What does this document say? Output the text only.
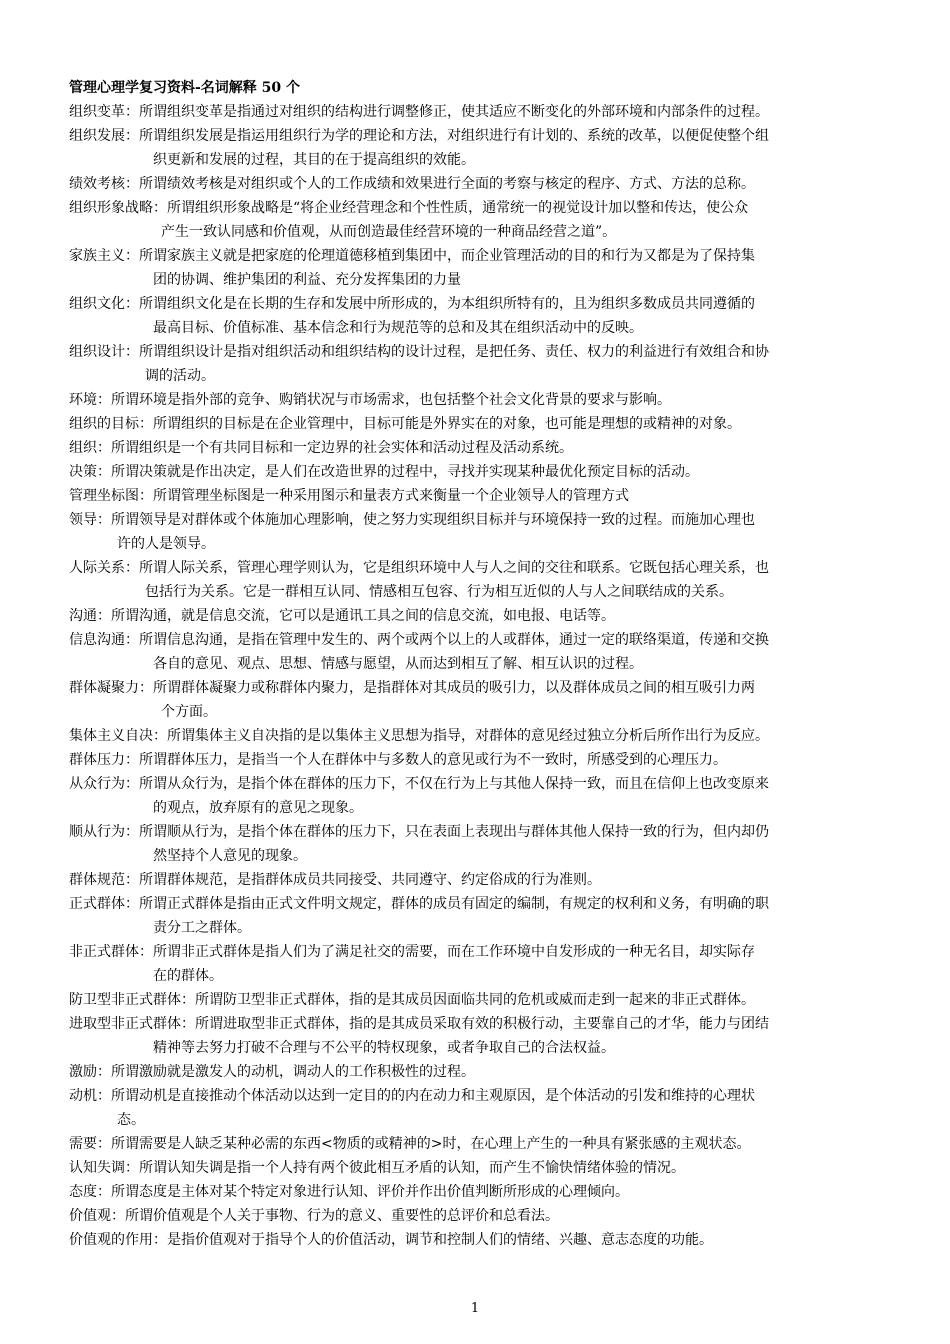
管理心理学复习资料-名词解释 50 个
组织变革：所谓组织变革是指通过对组织的结构进行调整修正，使其适应不断变化的外部环境和内部条件的过程。
组织发展：所谓组织发展是指运用组织行为学的理论和方法，对组织进行有计划的、系统的改革，以便促使整个组
织更新和发展的过程，其目的在于提高组织的效能。
绩效考核：所谓绩效考核是对组织或个人的工作成绩和效果进行全面的考察与核定的程序、方式、方法的总称。
组织形象战略：所谓组织形象战略是“将企业经营理念和个性性质，通常统一的视觉设计加以整和传达，使公众
产生一致认同感和价值观，从而创造最佳经营环境的一种商品经营之道”。
家族主义：所谓家族主义就是把家庭的伦理道德移植到集团中，而企业管理活动的目的和行为又都是为了保持集
团的协调、维护集团的利益、充分发挥集团的力量
组织文化：所谓组织文化是在长期的生存和发展中所形成的，为本组织所特有的，且为组织多数成员共同遵循的
最高目标、价值标准、基本信念和行为规范等的总和及其在组织活动中的反映。
组织设计：所谓组织设计是指对组织活动和组织结构的设计过程，是把任务、责任、权力的利益进行有效组合和协
调的活动。
环境：所谓环境是指外部的竞争、购销状况与市场需求，也包括整个社会文化背景的要求与影响。
组织的目标：所谓组织的目标是在企业管理中，目标可能是外界实在的对象，也可能是理想的或精神的对象。
组织：所谓组织是一个有共同目标和一定边界的社会实体和活动过程及活动系统。
决策：所谓决策就是作出决定，是人们在改造世界的过程中，寻找并实现某种最优化预定目标的活动。
管理坐标图：所谓管理坐标图是一种采用图示和量表方式来衡量一个企业领导人的管理方式
领导：所谓领导是对群体或个体施加心理影响，使之努力实现组织目标并与环境保持一致的过程。而施加心理也
许的人是领导。
人际关系：所谓人际关系，管理心理学则认为，它是组织环境中人与人之间的交往和联系。它既包括心理关系，也
包括行为关系。它是一群相互认同、情感相互包容、行为相互近似的人与人之间联结成的关系。
沟通：所谓沟通，就是信息交流，它可以是通讯工具之间的信息交流，如电报、电话等。
信息沟通：所谓信息沟通，是指在管理中发生的、两个或两个以上的人或群体，通过一定的联络渠道，传递和交换
各自的意见、观点、思想、情感与愿望，从而达到相互了解、相互认识的过程。
群体凝聚力：所谓群体凝聚力或称群体内聚力，是指群体对其成员的吸引力，以及群体成员之间的相互吸引力两
个方面。
集体主义自决：所谓集体主义自决指的是以集体主义思想为指导，对群体的意见经过独立分析后所作出行为反应。
群体压力：所谓群体压力，是指当一个人在群体中与多数人的意见或行为不一致时，所感受到的心理压力。
从众行为：所谓从众行为，是指个体在群体的压力下，不仅在行为上与其他人保持一致，而且在信仰上也改变原来
的观点，放弃原有的意见之现象。
顺从行为：所谓顺从行为，是指个体在群体的压力下，只在表面上表现出与群体其他人保持一致的行为，但内却仍
然坚持个人意见的现象。
群体规范：所谓群体规范，是指群体成员共同接受、共同遵守、约定俗成的行为准则。
正式群体：所谓正式群体是指由正式文件明文规定，群体的成员有固定的编制，有规定的权利和义务，有明确的职
责分工之群体。
非正式群体：所谓非正式群体是指人们为了满足社交的需要，而在工作环境中自发形成的一种无名目，却实际存
在的群体。
防卫型非正式群体：所谓防卫型非正式群体，指的是其成员因面临共同的危机或威而走到一起来的非正式群体。
进取型非正式群体：所谓进取型非正式群体，指的是其成员采取有效的积极行动，主要靠自己的才华，能力与团结
精神等去努力打破不合理与不公平的特权现象，或者争取自己的合法权益。
激励：所谓激励就是激发人的动机，调动人的工作积极性的过程。
动机：所谓动机是直接推动个体活动以达到一定目的的内在动力和主观原因，是个体活动的引发和维持的心理状
态。
需要：所谓需要是人缺乏某种必需的东西<物质的或精神的>时，在心理上产生的一种具有紧张感的主观状态。
认知失调：所谓认知失调是指一个人持有两个彼此相互矛盾的认知，而产生不愉快情绪体验的情况。
态度：所谓态度是主体对某个特定对象进行认知、评价并作出价值判断所形成的心理倾向。
价值观：所谓价值观是个人关于事物、行为的意义、重要性的总评价和总看法。
价值观的作用：是指价值观对于指导个人的价值活动，调节和控制人们的情绪、兴趣、意志态度的功能。
1
